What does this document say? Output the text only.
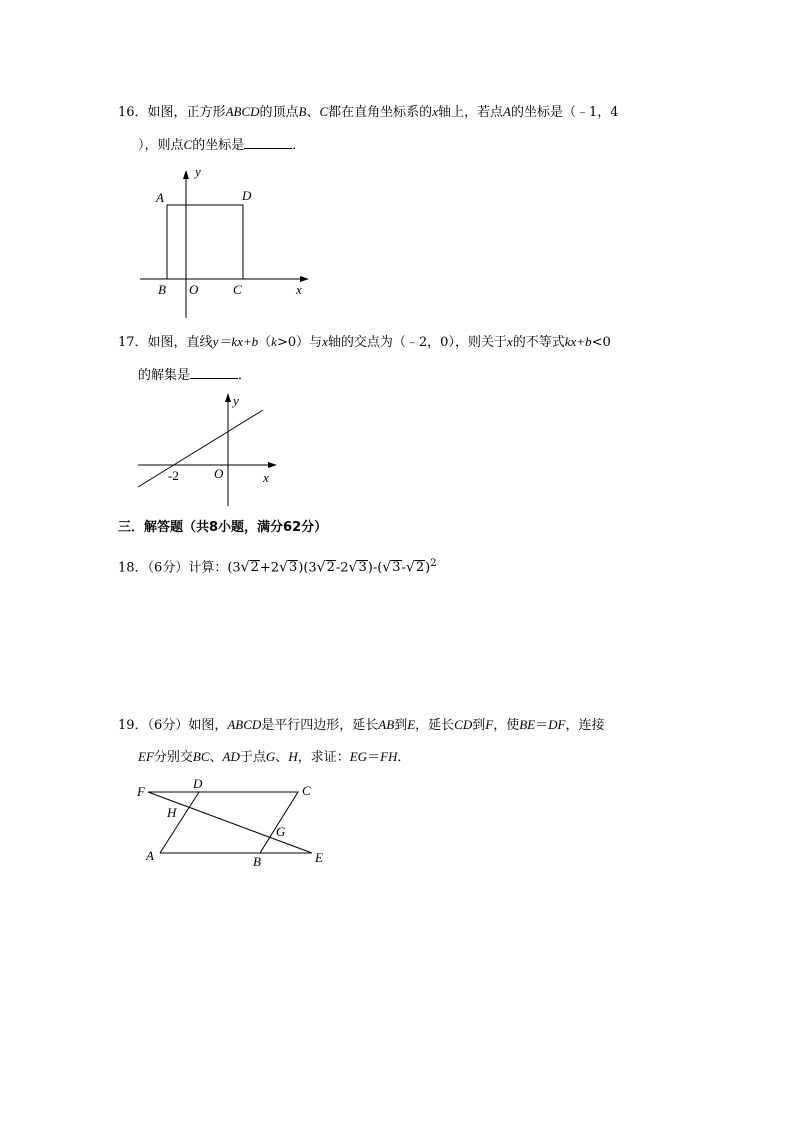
16．如图，正方形ABCD的顶点B、C都在直角坐标系的x轴上，若点A的坐标是（﹣1，4
），则点C的坐标是	．
y
A	D
B O	C	x
17．如图，直线y＝kx+b（k>0）与x轴的交点为（﹣2，0），则关于x的不等式kx+b<0
的解集是	．
y
-2	O	x
三．解答题（共8小题，满分62分）
18．（6分）计算：$(3√2+2√3)(3√2-2√3)-(√3-√2)^2$
19．（6分）如图，ABCD是平行四边形，延长AB到E，延长CD到F，使BE＝DF，连接
EF分别交BC、AD于点G、H，求证：EG＝FH．
F
D	C
H
G
A	B	E
